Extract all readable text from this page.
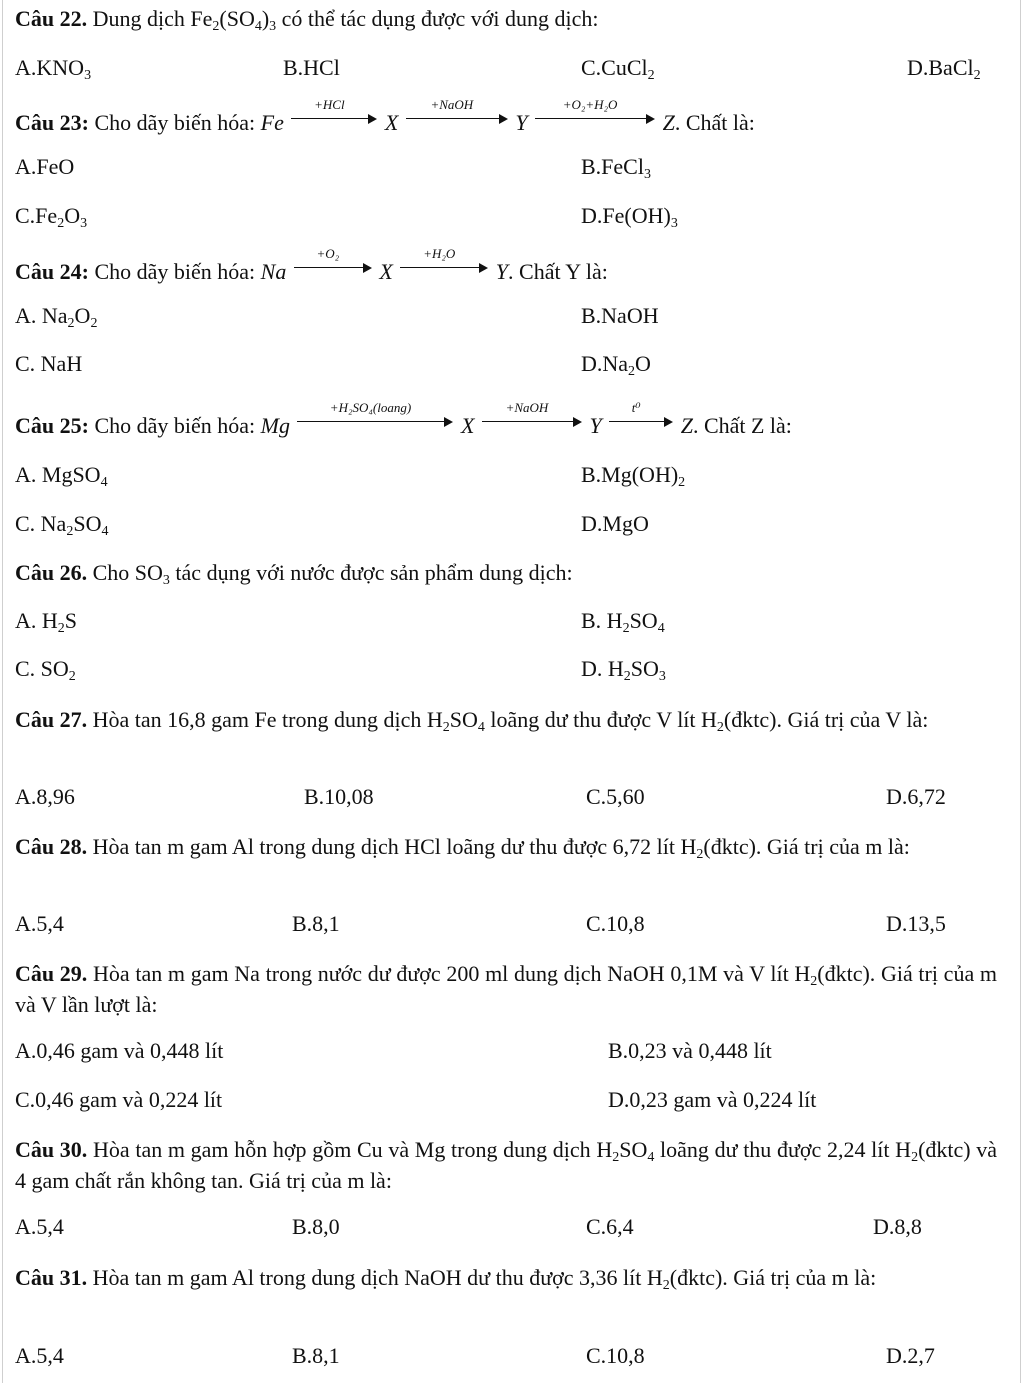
Câu 22. Dung dịch $Fe_2(SO_4)_3$ có thể tác dụng được với dung dịch:
$A.KNO_3$	B.HCl	C.CuCl$_2$	D.BaCl$_2$
Câu 23: Cho dãy biến hóa: Fe
+HCl
X
+NaOH
Y
+O₂+H₂O
Z. Chất là:
A.FeO	B.FeCl$_3$
$C.Fe_2O_3$	$D.Fe(OH)_3$
Câu 24: Cho dãy biến hóa: Na
+O₂
X
+H₂O
Y. Chất Y là:
A. $Na_2O_2$	B.NaOH
C. NaH	$D.Na_2O$
Câu 25: Cho dãy biến hóa: Mg
+H₂SO₄(loang)
X
+NaOH
Y
t⁰
Z. Chất Z là:
A. MgSO$_4$	$B.Mg(OH)_2$
C. $Na_2SO_4$	D.MgO
Câu 26. Cho $SO_3$ tác dụng với nước được sản phẩm dung dịch:
A. $H_2S$	B. $H_2SO_4$
C. $SO_2$	D. $H_2SO_3$
Câu 27. Hòa tan 16,8 gam Fe trong dung dịch $H_2SO_4$ loãng dư thu được V lít $H_2(đktc)$. Giá trị của V là:
A.8,96	B.10,08	C.5,60	D.6,72
Câu 28. Hòa tan m gam Al trong dung dịch HCl loãng dư thu được 6,72 lít $H_2(đktc)$. Giá trị của m là:
A.5,4	B.8,1	C.10,8	D.13,5
Câu 29. Hòa tan m gam Na trong nước dư được 200 ml dung dịch NaOH 0,1M và V lít $H_2(đktc)$. Giá trị của m và V lần lượt là:
A.0,46 gam và 0,448 lít	B.0,23 và 0,448 lít
C.0,46 gam và 0,224 lít	D.0,23 gam và 0,224 lít
Câu 30. Hòa tan m gam hỗn hợp gồm Cu và Mg trong dung dịch $H_2SO_4$ loãng dư thu được 2,24 lít $H_2(đktc)$ và 4 gam chất rắn không tan. Giá trị của m là:
A.5,4	B.8,0	C.6,4	D.8,8
Câu 31. Hòa tan m gam Al trong dung dịch NaOH dư thu được 3,36 lít $H_2(đktc)$. Giá trị của m là:
A.5,4	B.8,1	C.10,8	D.2,7
